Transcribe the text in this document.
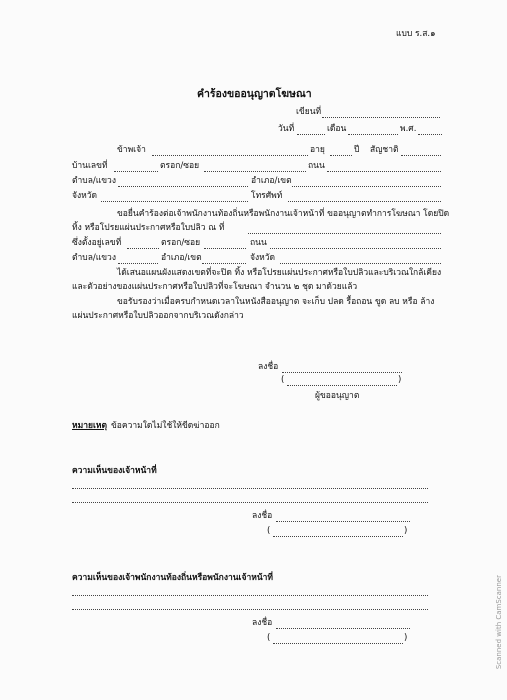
แบบ ร.ส.๑
คำร้องขออนุญาตโฆษณา
เขียนที่
วันที่	เดือน	พ.ศ.
ข้าพเจ้า	อายุ	ปี สัญชาติ
บ้านเลขที่	ตรอก/ซอย	ถนน
ตำบล/แขวง	อำเภอ/เขต
จังหวัด	โทรศัพท์
ขอยื่นคำร้องต่อเจ้าพนักงานท้องถิ่นหรือพนักงานเจ้าหน้าที่ ขออนุญาตทำการโฆษณา โดยปิด
ทิ้ง หรือโปรยแผ่นประกาศหรือใบปลิว ณ ที่
ซึ่งตั้งอยู่เลขที่	ตรอก/ซอย	ถนน
ตำบล/แขวง	อำเภอ/เขต	จังหวัด
ได้เสนอแผนผังแสดงเขตที่จะปิด ทิ้ง หรือโปรยแผ่นประกาศหรือใบปลิวและบริเวณใกล้เคียง
และตัวอย่างของแผ่นประกาศหรือใบปลิวที่จะโฆษณา จำนวน ๒ ชุด มาด้วยแล้ว
ขอรับรองว่าเมื่อครบกำหนดเวลาในหนังสืออนุญาต จะเก็บ ปลด รื้อถอน ขูด ลบ หรือ ล้าง
แผ่นประกาศหรือใบปลิวออกจากบริเวณดังกล่าว
ลงชื่อ
(	)
ผู้ขออนุญาต
หมายเหตุ ข้อความใดไม่ใช้ให้ขีดฆ่าออก
ความเห็นของเจ้าหน้าที่
ลงชื่อ
(	)
ความเห็นของเจ้าพนักงานท้องถิ่นหรือพนักงานเจ้าหน้าที่
ลงชื่อ
(	)	Scanned with CamScanner
